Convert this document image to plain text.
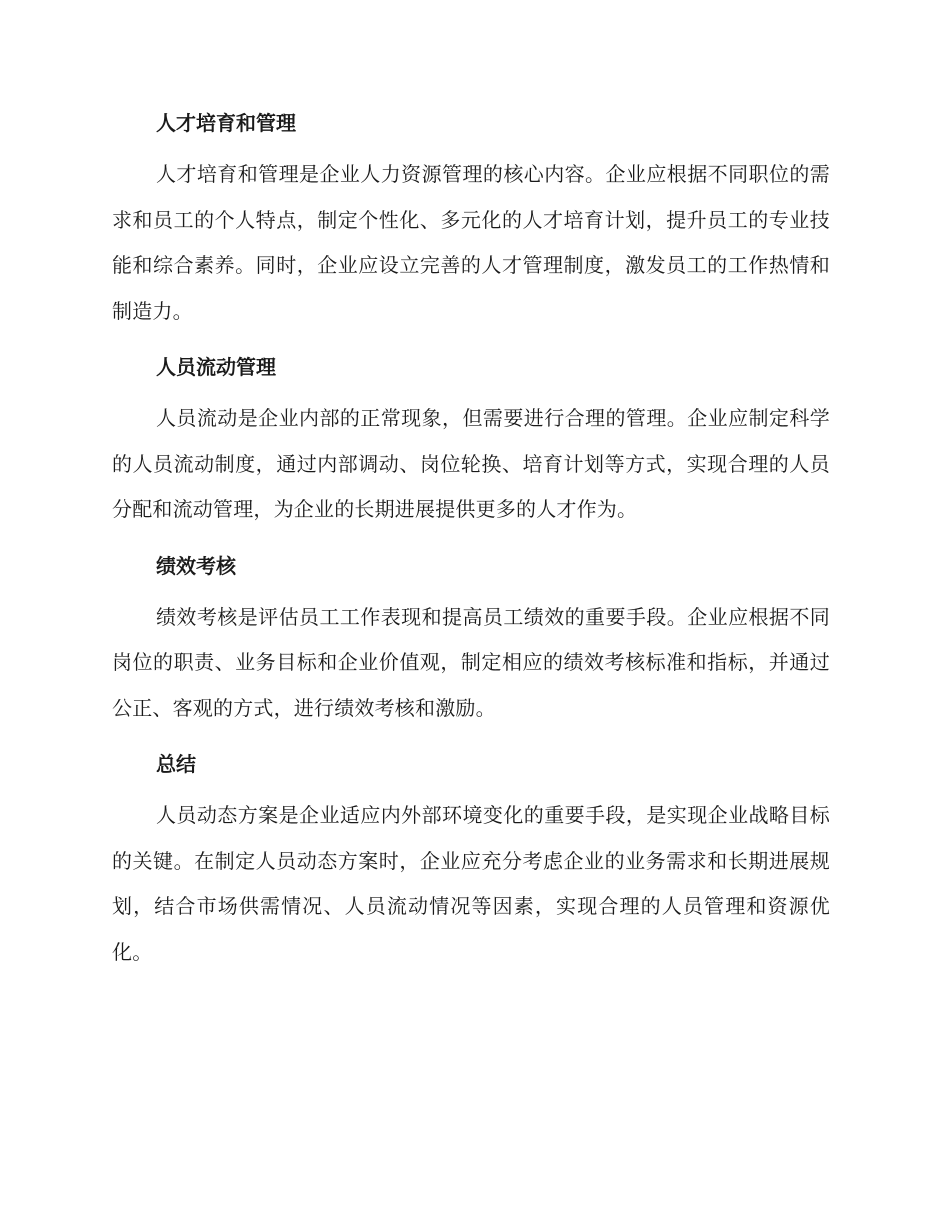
人才培育和管理

人才培育和管理是企业人力资源管理的核心内容。企业应根据不同职位的需求和员工的个人特点，制定个性化、多元化的人才培育计划，提升员工的专业技能和综合素养。同时，企业应设立完善的人才管理制度，激发员工的工作热情和制造力。

人员流动管理

人员流动是企业内部的正常现象，但需要进行合理的管理。企业应制定科学的人员流动制度，通过内部调动、岗位轮换、培育计划等方式，实现合理的人员分配和流动管理，为企业的长期进展提供更多的人才作为。

绩效考核

绩效考核是评估员工工作表现和提高员工绩效的重要手段。企业应根据不同岗位的职责、业务目标和企业价值观，制定相应的绩效考核标准和指标，并通过公正、客观的方式，进行绩效考核和激励。

总结

人员动态方案是企业适应内外部环境变化的重要手段，是实现企业战略目标的关键。在制定人员动态方案时，企业应充分考虑企业的业务需求和长期进展规划，结合市场供需情况、人员流动情况等因素，实现合理的人员管理和资源优化。
